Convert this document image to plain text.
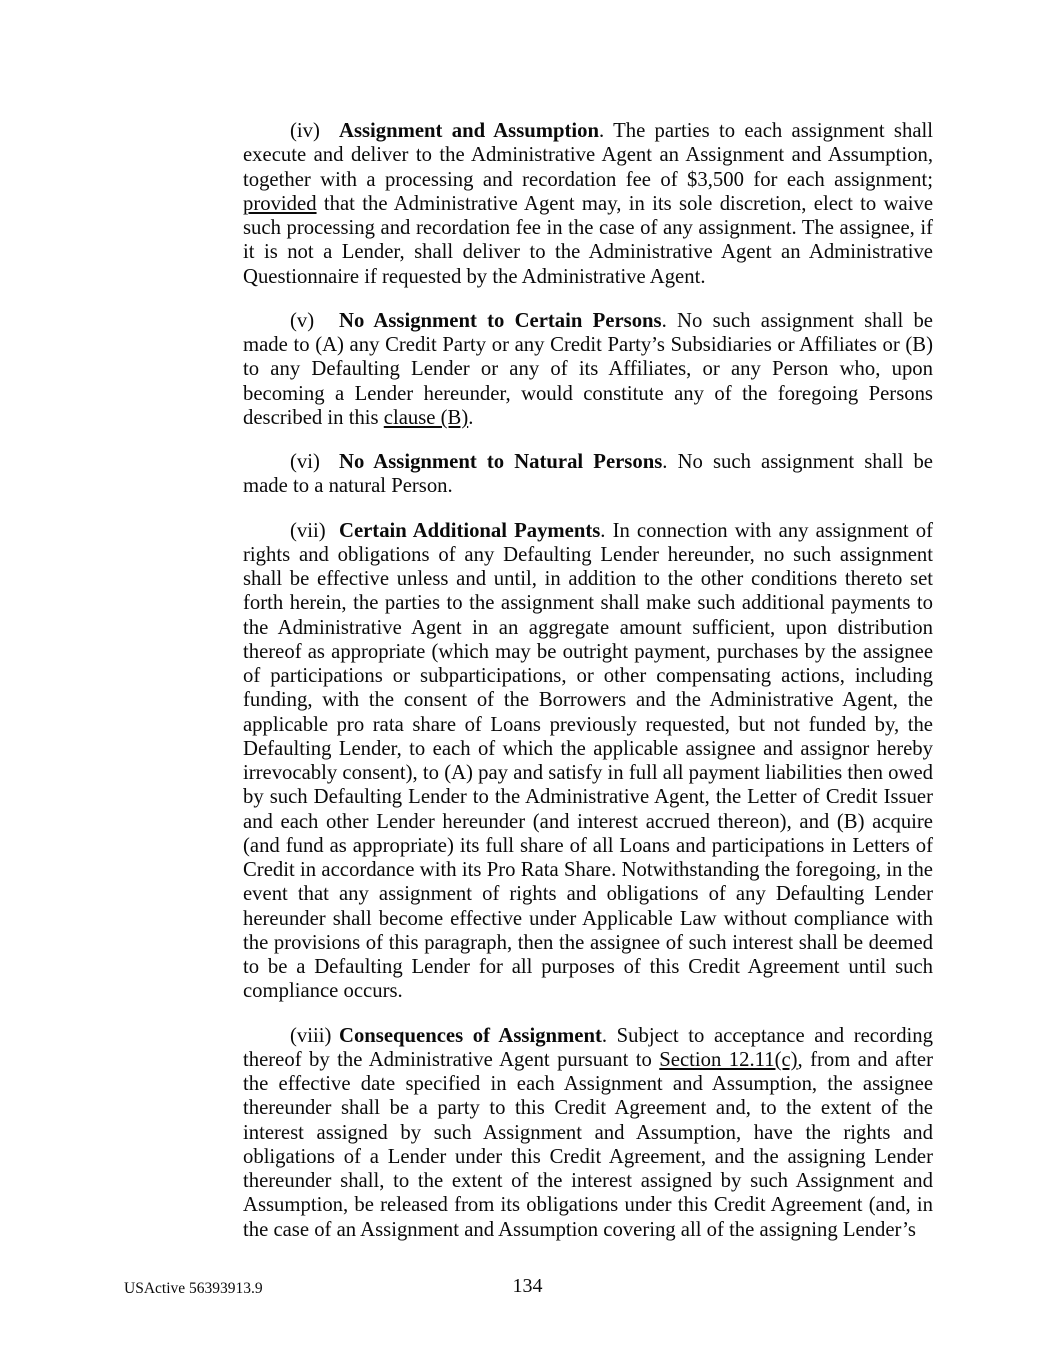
(iv) Assignment and Assumption. The parties to each assignment shall execute and deliver to the Administrative Agent an Assignment and Assumption, together with a processing and recordation fee of $3,500 for each assignment; provided that the Administrative Agent may, in its sole discretion, elect to waive such processing and recordation fee in the case of any assignment. The assignee, if it is not a Lender, shall deliver to the Administrative Agent an Administrative Questionnaire if requested by the Administrative Agent.

(v) No Assignment to Certain Persons. No such assignment shall be made to (A) any Credit Party or any Credit Party’s Subsidiaries or Affiliates or (B) to any Defaulting Lender or any of its Affiliates, or any Person who, upon becoming a Lender hereunder, would constitute any of the foregoing Persons described in this clause (B).

(vi) No Assignment to Natural Persons. No such assignment shall be made to a natural Person.

(vii) Certain Additional Payments. In connection with any assignment of rights and obligations of any Defaulting Lender hereunder, no such assignment shall be effective unless and until, in addition to the other conditions thereto set forth herein, the parties to the assignment shall make such additional payments to the Administrative Agent in an aggregate amount sufficient, upon distribution thereof as appropriate (which may be outright payment, purchases by the assignee of participations or subparticipations, or other compensating actions, including funding, with the consent of the Borrowers and the Administrative Agent, the applicable pro rata share of Loans previously requested, but not funded by, the Defaulting Lender, to each of which the applicable assignee and assignor hereby irrevocably consent), to (A) pay and satisfy in full all payment liabilities then owed by such Defaulting Lender to the Administrative Agent, the Letter of Credit Issuer and each other Lender hereunder (and interest accrued thereon), and (B) acquire (and fund as appropriate) its full share of all Loans and participations in Letters of Credit in accordance with its Pro Rata Share. Notwithstanding the foregoing, in the event that any assignment of rights and obligations of any Defaulting Lender hereunder shall become effective under Applicable Law without compliance with the provisions of this paragraph, then the assignee of such interest shall be deemed to be a Defaulting Lender for all purposes of this Credit Agreement until such compliance occurs.

(viii) Consequences of Assignment. Subject to acceptance and recording thereof by the Administrative Agent pursuant to Section 12.11(c), from and after the effective date specified in each Assignment and Assumption, the assignee thereunder shall be a party to this Credit Agreement and, to the extent of the interest assigned by such Assignment and Assumption, have the rights and obligations of a Lender under this Credit Agreement, and the assigning Lender thereunder shall, to the extent of the interest assigned by such Assignment and Assumption, be released from its obligations under this Credit Agreement (and, in the case of an Assignment and Assumption covering all of the assigning Lender’s

USActive 56393913.9	134
